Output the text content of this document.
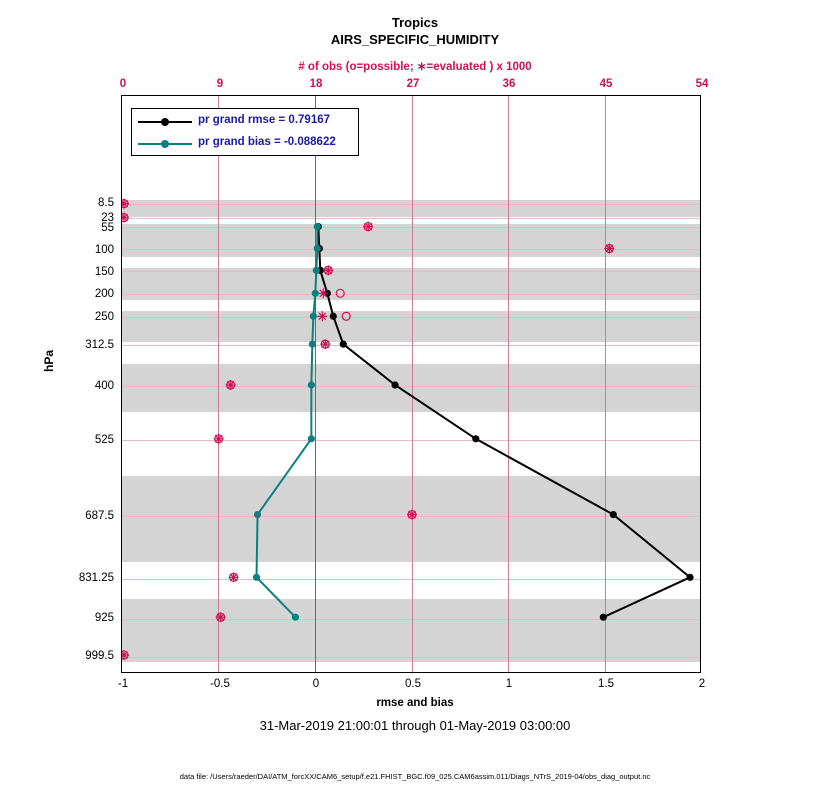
Tropics
AIRS_SPECIFIC_HUMIDITY
# of obs (o=possible; ∗=evaluated ) x 1000
0	9	18	27	36	45	54
-1	-0.5	0	0.5	1	1.5	2
8.5
23
55
100
150
200
250
312.5
400
525
687.5
831.25
925
999.5
hPa
rmse and bias
31-Mar-2019 21:00:01 through 01-May-2019 03:00:00
data file: /Users/raeder/DAI/ATM_forcXX/CAM6_setup/f.e21.FHIST_BGC.f09_025.CAM6assim.011/Diags_NTrS_2019-04/obs_diag_output.nc
pr grand rmse = 0.79167
pr grand bias = -0.088622
